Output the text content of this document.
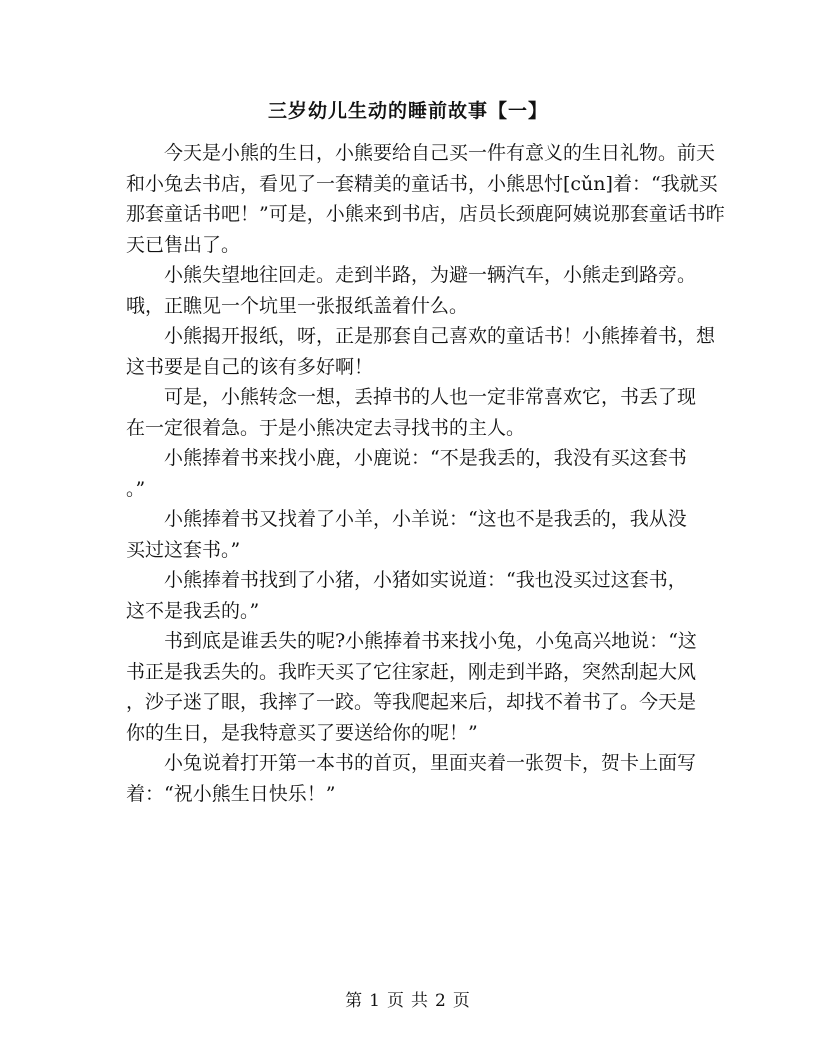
三岁幼儿生动的睡前故事【一】

今天是小熊的生日，小熊要给自己买一件有意义的生日礼物。前天
和小兔去书店，看见了一套精美的童话书，小熊思忖[cǔn]着：“我就买
那套童话书吧！”可是，小熊来到书店，店员长颈鹿阿姨说那套童话书昨
天已售出了。

小熊失望地往回走。走到半路，为避一辆汽车，小熊走到路旁。
哦，正瞧见一个坑里一张报纸盖着什么。

小熊揭开报纸，呀，正是那套自己喜欢的童话书！小熊捧着书，想
这书要是自己的该有多好啊！

可是，小熊转念一想，丢掉书的人也一定非常喜欢它，书丢了现
在一定很着急。于是小熊决定去寻找书的主人。

小熊捧着书来找小鹿，小鹿说：“不是我丢的，我没有买这套书
。”

小熊捧着书又找着了小羊，小羊说：“这也不是我丢的，我从没
买过这套书。”

小熊捧着书找到了小猪，小猪如实说道：“我也没买过这套书，
这不是我丢的。”

书到底是谁丢失的呢?小熊捧着书来找小兔，小兔高兴地说：“这
书正是我丢失的。我昨天买了它往家赶，刚走到半路，突然刮起大风
，沙子迷了眼，我摔了一跤。等我爬起来后，却找不着书了。今天是
你的生日，是我特意买了要送给你的呢！”

小兔说着打开第一本书的首页，里面夹着一张贺卡，贺卡上面写
着：“祝小熊生日快乐！”

第 1 页 共 2 页
